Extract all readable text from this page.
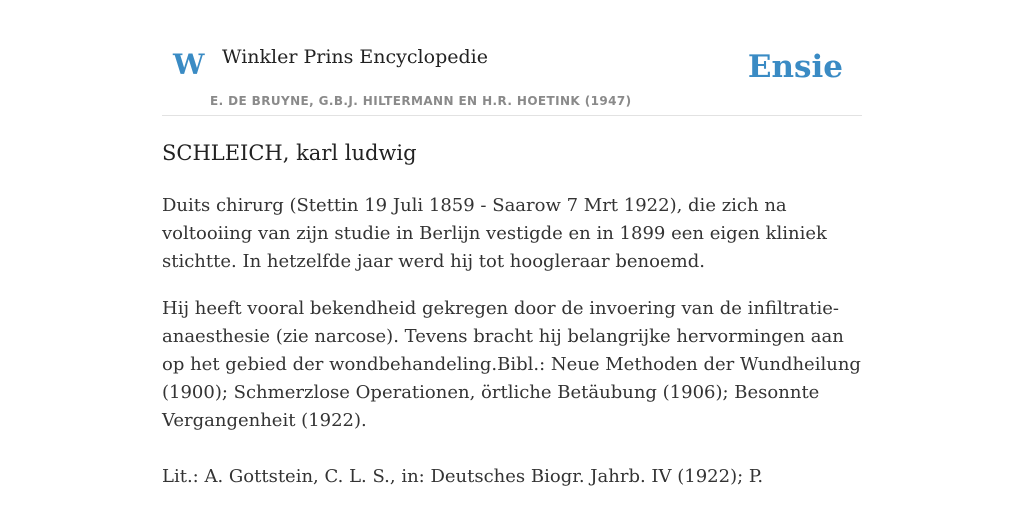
W Winkler Prins Encyclopedie
E. DE BRUYNE, G.B.J. HILTERMANN EN H.R. HOETINK (1947)
Ensie
SCHLEICH, karl ludwig

Duits chirurg (Stettin 19 Juli 1859 - Saarow 7 Mrt 1922), die zich na voltooiing van zijn studie in Berlijn vestigde en in 1899 een eigen kliniek stichtte. In hetzelfde jaar werd hij tot hoogleraar benoemd.

Hij heeft vooral bekendheid gekregen door de invoering van de infiltratie-anaesthesie (zie narcose). Tevens bracht hij belangrijke hervormingen aan op het gebied der wondbehandeling.Bibl.: Neue Methoden der Wundheilung (1900); Schmerzlose Operationen, örtliche Betäubung (1906); Besonnte Vergangenheit (1922).

Lit.: A. Gottstein, C. L. S., in: Deutsches Biogr. Jahrb. IV (1922); P.
